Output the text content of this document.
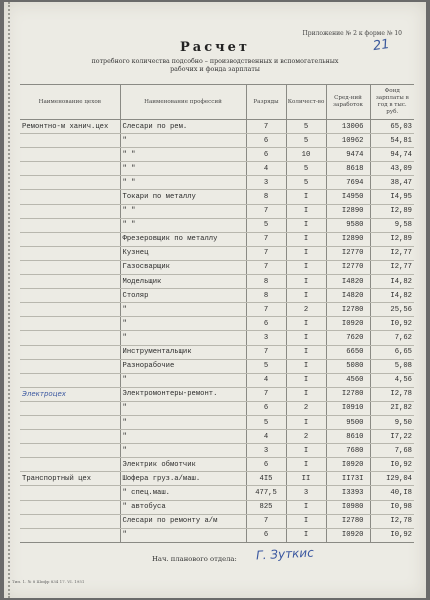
Приложение № 2 к форме № 10
21
Расчет
потребного количества подсобно – производственных и вспомогательных рабочих и фонда зарплаты
Наименование цехов	Наименование профессий	Разряды	Количест-во	Сред-ний заработок	Фонд зарплаты в год в тыс. руб.
Ремонтно-м ханич.цех	Слесари по рем.	7	5	13006	65,03
	"	6	5	10962	54,81
	" "	6	10	9474	94,74
	" "	4	5	8618	43,09
	" "	3	5	7694	38,47
	Токари по металлу	8	I	I4950	I4,95
	" "	7	I	I2890	I2,89
	" "	5	I	9580	9,58
	Фрезеровщик по металлу	7	I	I2890	I2,89
	Кузнец	7	I	I2770	I2,77
	Газосварщик	7	I	I2770	I2,77
	Модельщик	8	I	I4820	I4,82
	Столяр	8	I	I4820	I4,82
	"	7	2	I2780	25,56
	"	6	I	I0920	I0,92
	"	3	I	7620	7,62
	Инструментальщик	7	I	6650	6,65
	Разнорабочие	5	I	5080	5,08
	"	4	I	4560	4,56
Электроцех	Электромонтеры-ремонт.	7	I	I2780	I2,78
	"	6	2	I0910	2I,82
	"	5	I	9500	9,50
	"	4	2	8610	I7,22
	"	3	I	7680	7,68
	Электрик обмотчик	6	I	I0920	I0,92
Транспортный цех	Шофера груз.а/маш.	4I5	II	II73I	I29,04
	" спец.маш.	477,5	3	I3393	40,I8
	" автобуса	825	I	I0980	I0,98
	Слесари по ремонту а/м	7	I	I2780	I2,78
	"	6	I	I0920	I0,92
Нач. планового отдела: Г. Зуткис
Тип. 1. № 8 Шифр 834 17. VI. 1951
